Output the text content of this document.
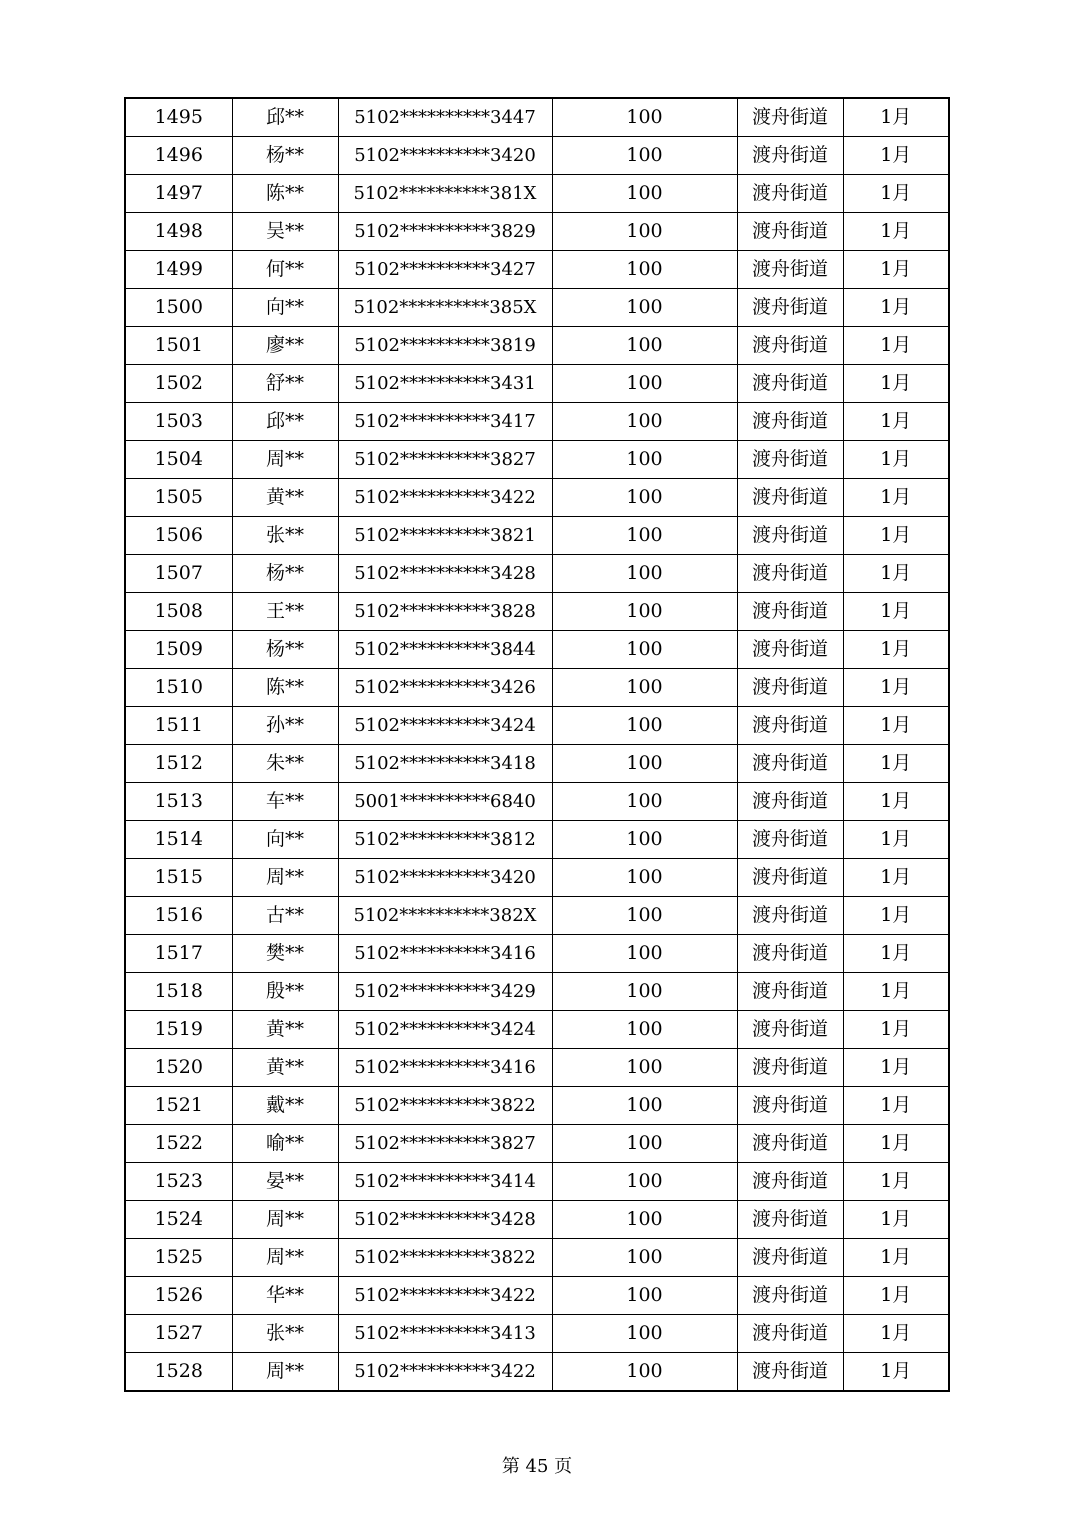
1495	邱**	5102**********3447	100	渡舟街道	1月
1496	杨**	5102**********3420	100	渡舟街道	1月
1497	陈**	5102**********381X	100	渡舟街道	1月
1498	吴**	5102**********3829	100	渡舟街道	1月
1499	何**	5102**********3427	100	渡舟街道	1月
1500	向**	5102**********385X	100	渡舟街道	1月
1501	廖**	5102**********3819	100	渡舟街道	1月
1502	舒**	5102**********3431	100	渡舟街道	1月
1503	邱**	5102**********3417	100	渡舟街道	1月
1504	周**	5102**********3827	100	渡舟街道	1月
1505	黄**	5102**********3422	100	渡舟街道	1月
1506	张**	5102**********3821	100	渡舟街道	1月
1507	杨**	5102**********3428	100	渡舟街道	1月
1508	王**	5102**********3828	100	渡舟街道	1月
1509	杨**	5102**********3844	100	渡舟街道	1月
1510	陈**	5102**********3426	100	渡舟街道	1月
1511	孙**	5102**********3424	100	渡舟街道	1月
1512	朱**	5102**********3418	100	渡舟街道	1月
1513	车**	5001**********6840	100	渡舟街道	1月
1514	向**	5102**********3812	100	渡舟街道	1月
1515	周**	5102**********3420	100	渡舟街道	1月
1516	古**	5102**********382X	100	渡舟街道	1月
1517	樊**	5102**********3416	100	渡舟街道	1月
1518	殷**	5102**********3429	100	渡舟街道	1月
1519	黄**	5102**********3424	100	渡舟街道	1月
1520	黄**	5102**********3416	100	渡舟街道	1月
1521	戴**	5102**********3822	100	渡舟街道	1月
1522	喻**	5102**********3827	100	渡舟街道	1月
1523	晏**	5102**********3414	100	渡舟街道	1月
1524	周**	5102**********3428	100	渡舟街道	1月
1525	周**	5102**********3822	100	渡舟街道	1月
1526	华**	5102**********3422	100	渡舟街道	1月
1527	张**	5102**********3413	100	渡舟街道	1月
1528	周**	5102**********3422	100	渡舟街道	1月
第 45 页
